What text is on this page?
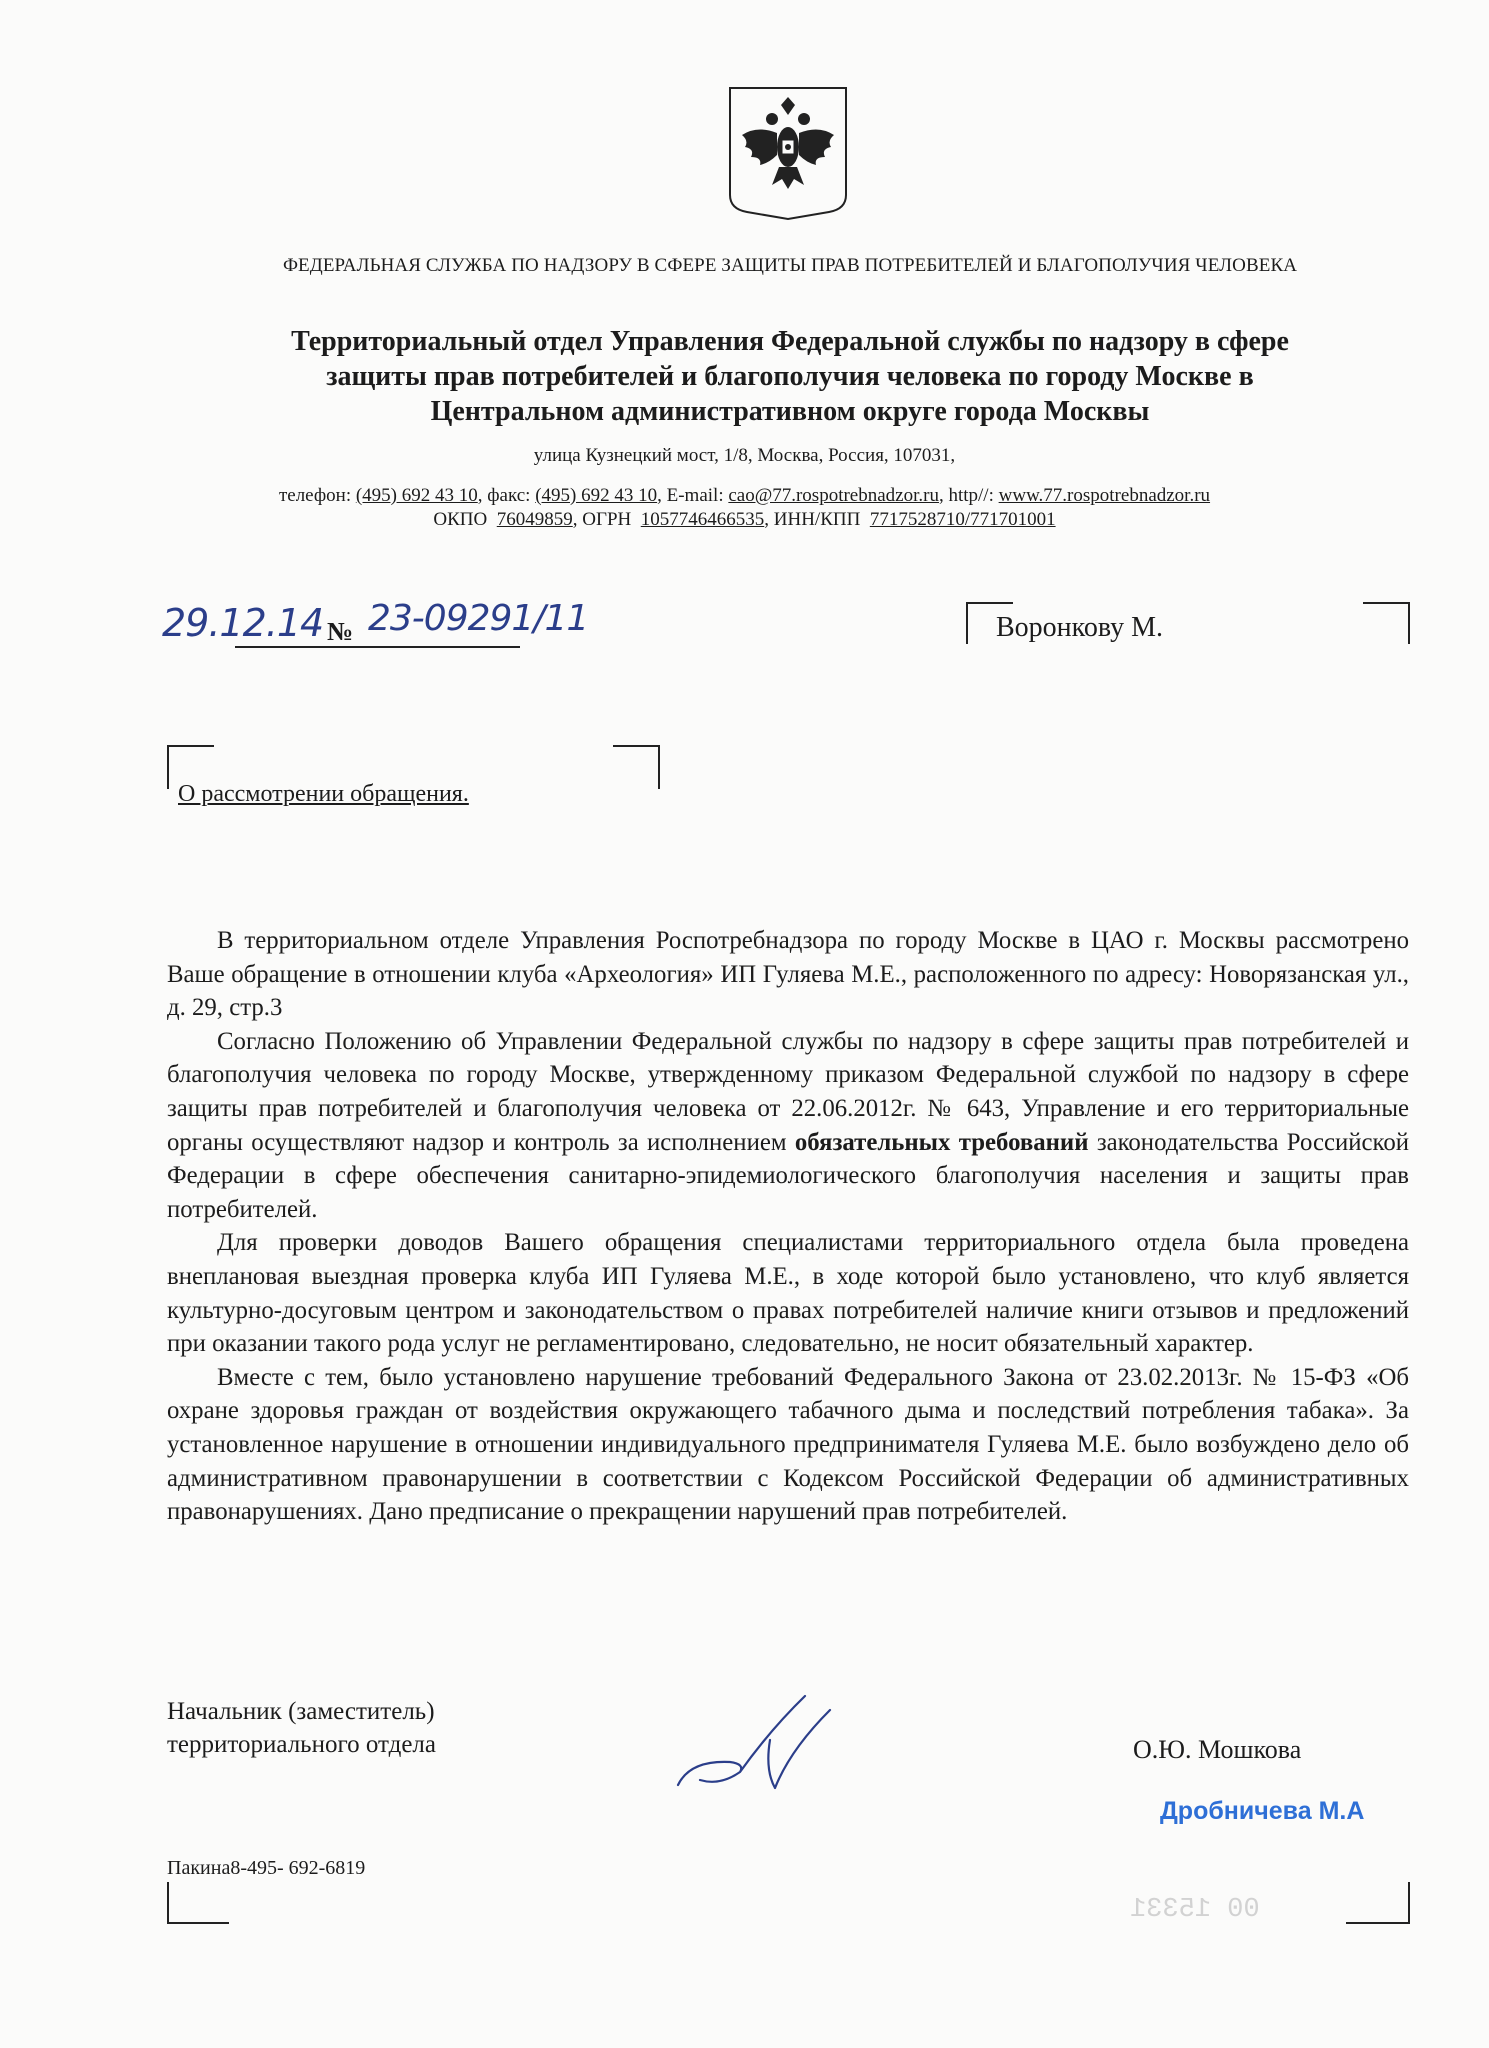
ФЕДЕРАЛЬНАЯ СЛУЖБА ПО НАДЗОРУ В СФЕРЕ ЗАЩИТЫ ПРАВ ПОТРЕБИТЕЛЕЙ И БЛАГОПОЛУЧИЯ ЧЕЛОВЕКА
Территориальный отдел Управления Федеральной службы по надзору в сфере
защиты прав потребителей и благополучия человека по городу Москве в
Центральном административном округе города Москвы
улица Кузнецкий мост, 1/8, Москва, Россия, 107031,
телефон: (495) 692 43 10, факс: (495) 692 43 10, E-mail: cao@77.rospotrebnadzor.ru, http//: www.77.rospotrebnadzor.ru
ОКПО 76049859, ОГРН 1057746466535, ИНН/КПП 7717528710/771701001
29.12.14 № 23-09291/11	Воронкову М.
О рассмотрении обращения.

В территориальном отделе Управления Роспотребнадзора по городу Москве в ЦАО г. Москвы рассмотрено Ваше обращение в отношении клуба «Археология» ИП Гуляева М.Е., расположенного по адресу: Новорязанская ул., д. 29, стр.3

Согласно Положению об Управлении Федеральной службы по надзору в сфере защиты прав потребителей и благополучия человека по городу Москве, утвержденному приказом Федеральной службой по надзору в сфере защиты прав потребителей и благополучия человека от 22.06.2012г. № 643, Управление и его территориальные органы осуществляют надзор и контроль за исполнением обязательных требований законодательства Российской Федерации в сфере обеспечения санитарно-эпидемиологического благополучия населения и защиты прав потребителей.

Для проверки доводов Вашего обращения специалистами территориального отдела была проведена внеплановая выездная проверка клуба ИП Гуляева М.Е., в ходе которой было установлено, что клуб является культурно-досуговым центром и законодательством о правах потребителей наличие книги отзывов и предложений при оказании такого рода услуг не регламентировано, следовательно, не носит обязательный характер.

Вместе с тем, было установлено нарушение требований Федерального Закона от 23.02.2013г. № 15-ФЗ «Об охране здоровья граждан от воздействия окружающего табачного дыма и последствий потребления табака». За установленное нарушение в отношении индивидуального предпринимателя Гуляева М.Е. было возбуждено дело об административном правонарушении в соответствии с Кодексом Российской Федерации об административных правонарушениях. Дано предписание о прекращении нарушений прав потребителей.

Начальник (заместитель)
территориального отдела	О.Ю. Мошкова
Дробничева М.А
Пакина8-495- 692-6819
00 15331
